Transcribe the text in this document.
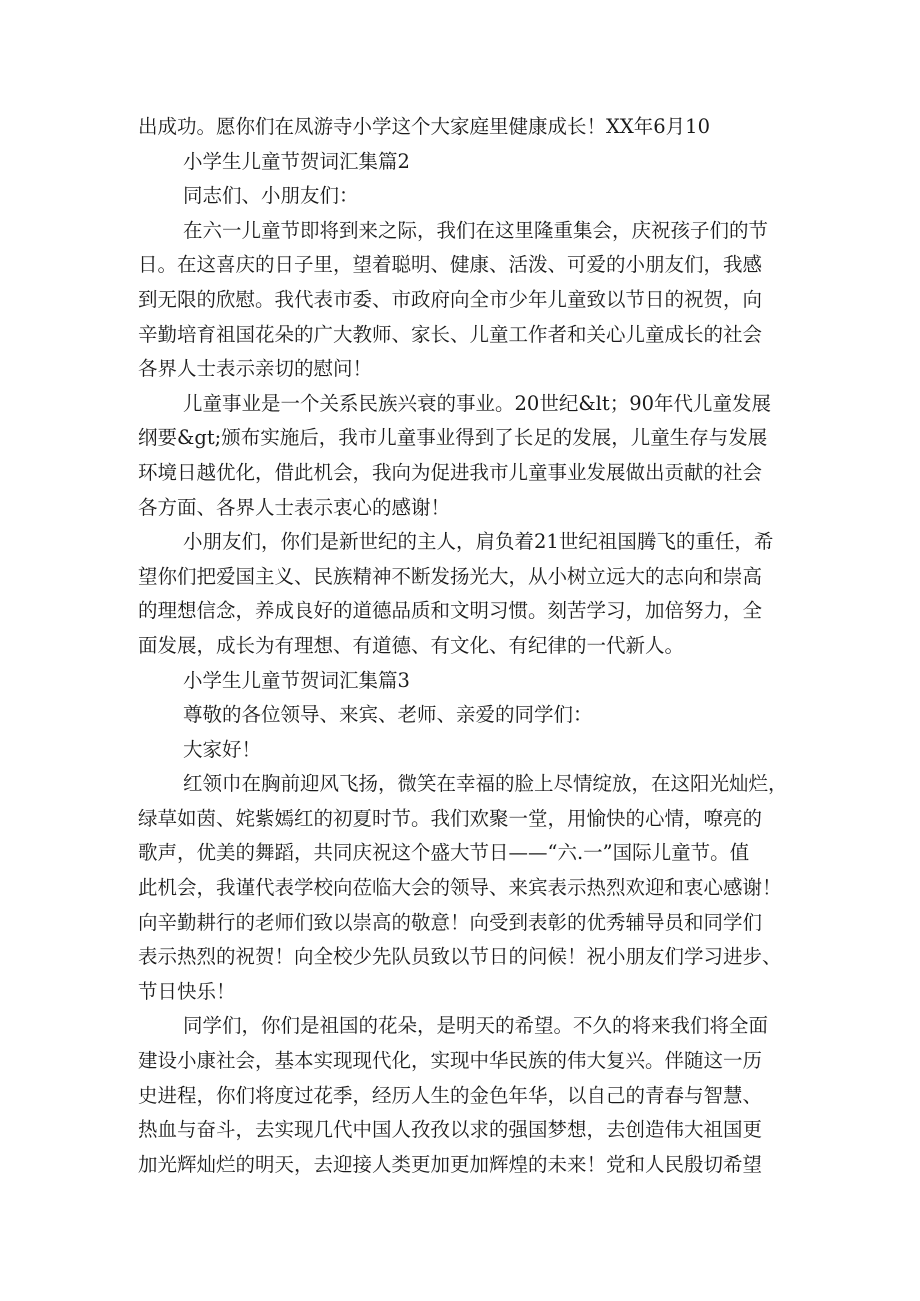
出成功。愿你们在凤游寺小学这个大家庭里健康成长！XX年6月10

小学生儿童节贺词汇集篇2

同志们、小朋友们：

在六一儿童节即将到来之际，我们在这里隆重集会，庆祝孩子们的节

日。在这喜庆的日子里，望着聪明、健康、活泼、可爱的小朋友们，我感

到无限的欣慰。我代表市委、市政府向全市少年儿童致以节日的祝贺，向

辛勤培育祖国花朵的广大教师、家长、儿童工作者和关心儿童成长的社会

各界人士表示亲切的慰问！

儿童事业是一个关系民族兴衰的事业。20世纪&lt；90年代儿童发展

纲要&gt;颁布实施后，我市儿童事业得到了长足的发展，儿童生存与发展

环境日越优化，借此机会，我向为促进我市儿童事业发展做出贡献的社会

各方面、各界人士表示衷心的感谢！

小朋友们，你们是新世纪的主人，肩负着21世纪祖国腾飞的重任，希

望你们把爱国主义、民族精神不断发扬光大，从小树立远大的志向和崇高

的理想信念，养成良好的道德品质和文明习惯。刻苦学习，加倍努力，全

面发展，成长为有理想、有道德、有文化、有纪律的一代新人。

小学生儿童节贺词汇集篇3

尊敬的各位领导、来宾、老师、亲爱的同学们：

大家好！

红领巾在胸前迎风飞扬，微笑在幸福的脸上尽情绽放，在这阳光灿烂，

绿草如茵、姹紫嫣红的初夏时节。我们欢聚一堂，用愉快的心情，嘹亮的

歌声，优美的舞蹈，共同庆祝这个盛大节日——“六.一”国际儿童节。值

此机会，我谨代表学校向莅临大会的领导、来宾表示热烈欢迎和衷心感谢！

向辛勤耕行的老师们致以崇高的敬意！向受到表彰的优秀辅导员和同学们

表示热烈的祝贺！向全校少先队员致以节日的问候！祝小朋友们学习进步、

节日快乐！

同学们，你们是祖国的花朵，是明天的希望。不久的将来我们将全面

建设小康社会，基本实现现代化，实现中华民族的伟大复兴。伴随这一历

史进程，你们将度过花季，经历人生的金色年华，以自己的青春与智慧、

热血与奋斗，去实现几代中国人孜孜以求的强国梦想，去创造伟大祖国更

加光辉灿烂的明天，去迎接人类更加更加辉煌的未来！党和人民殷切希望
